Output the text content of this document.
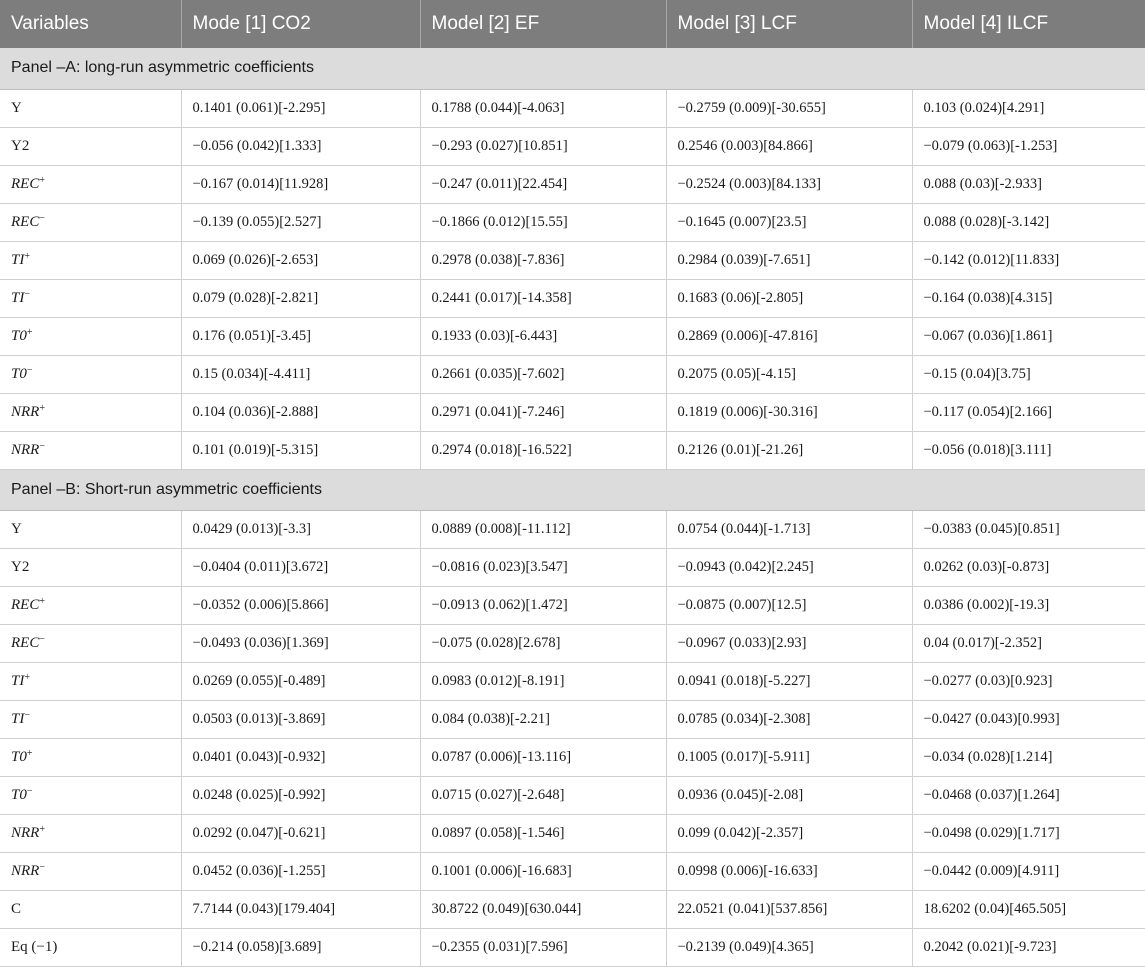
Variables	Mode [1] CO2	Model [2] EF	Model [3] LCF	Model [4] ILCF
Panel –A: long-run asymmetric coefficients				
Y	0.1401 (0.061)[-2.295]	0.1788 (0.044)[-4.063]	−0.2759 (0.009)[-30.655]	0.103 (0.024)[4.291]
Y2	−0.056 (0.042)[1.333]	−0.293 (0.027)[10.851]	0.2546 (0.003)[84.866]	−0.079 (0.063)[-1.253]
REC+	−0.167 (0.014)[11.928]	−0.247 (0.011)[22.454]	−0.2524 (0.003)[84.133]	0.088 (0.03)[-2.933]
REC−	−0.139 (0.055)[2.527]	−0.1866 (0.012)[15.55]	−0.1645 (0.007)[23.5]	0.088 (0.028)[-3.142]
TI+	0.069 (0.026)[-2.653]	0.2978 (0.038)[-7.836]	0.2984 (0.039)[-7.651]	−0.142 (0.012)[11.833]
TI−	0.079 (0.028)[-2.821]	0.2441 (0.017)[-14.358]	0.1683 (0.06)[-2.805]	−0.164 (0.038)[4.315]
T0+	0.176 (0.051)[-3.45]	0.1933 (0.03)[-6.443]	0.2869 (0.006)[-47.816]	−0.067 (0.036)[1.861]
T0−	0.15 (0.034)[-4.411]	0.2661 (0.035)[-7.602]	0.2075 (0.05)[-4.15]	−0.15 (0.04)[3.75]
NRR+	0.104 (0.036)[-2.888]	0.2971 (0.041)[-7.246]	0.1819 (0.006)[-30.316]	−0.117 (0.054)[2.166]
NRR−	0.101 (0.019)[-5.315]	0.2974 (0.018)[-16.522]	0.2126 (0.01)[-21.26]	−0.056 (0.018)[3.111]
Panel –B: Short-run asymmetric coefficients				
Y	0.0429 (0.013)[-3.3]	0.0889 (0.008)[-11.112]	0.0754 (0.044)[-1.713]	−0.0383 (0.045)[0.851]
Y2	−0.0404 (0.011)[3.672]	−0.0816 (0.023)[3.547]	−0.0943 (0.042)[2.245]	0.0262 (0.03)[-0.873]
REC+	−0.0352 (0.006)[5.866]	−0.0913 (0.062)[1.472]	−0.0875 (0.007)[12.5]	0.0386 (0.002)[-19.3]
REC−	−0.0493 (0.036)[1.369]	−0.075 (0.028)[2.678]	−0.0967 (0.033)[2.93]	0.04 (0.017)[-2.352]
TI+	0.0269 (0.055)[-0.489]	0.0983 (0.012)[-8.191]	0.0941 (0.018)[-5.227]	−0.0277 (0.03)[0.923]
TI−	0.0503 (0.013)[-3.869]	0.084 (0.038)[-2.21]	0.0785 (0.034)[-2.308]	−0.0427 (0.043)[0.993]
T0+	0.0401 (0.043)[-0.932]	0.0787 (0.006)[-13.116]	0.1005 (0.017)[-5.911]	−0.034 (0.028)[1.214]
T0−	0.0248 (0.025)[-0.992]	0.0715 (0.027)[-2.648]	0.0936 (0.045)[-2.08]	−0.0468 (0.037)[1.264]
NRR+	0.0292 (0.047)[-0.621]	0.0897 (0.058)[-1.546]	0.099 (0.042)[-2.357]	−0.0498 (0.029)[1.717]
NRR−	0.0452 (0.036)[-1.255]	0.1001 (0.006)[-16.683]	0.0998 (0.006)[-16.633]	−0.0442 (0.009)[4.911]
C	7.7144 (0.043)[179.404]	30.8722 (0.049)[630.044]	22.0521 (0.041)[537.856]	18.6202 (0.04)[465.505]
Eq (−1)	−0.214 (0.058)[3.689]	−0.2355 (0.031)[7.596]	−0.2139 (0.049)[4.365]	0.2042 (0.021)[-9.723]
